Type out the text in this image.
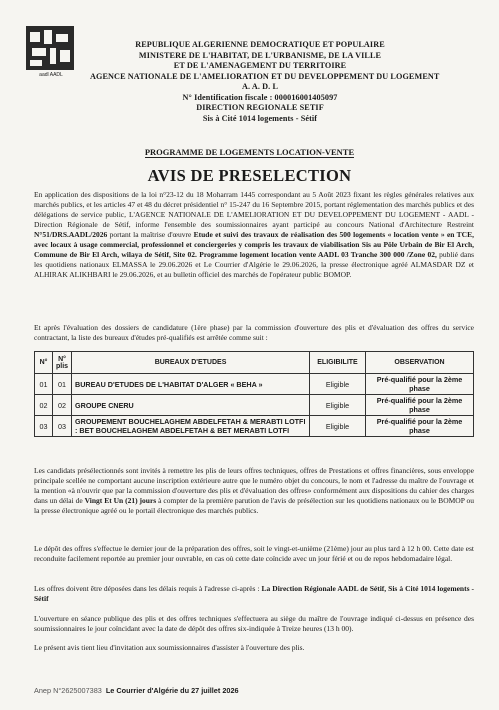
aadl AADL
REPUBLIQUE ALGERIENNE DEMOCRATIQUE ET POPULAIRE
MINISTERE DE L'HABITAT, DE L'URBANISME, DE LA VILLE
ET DE L'AMENAGEMENT DU TERRITOIRE
AGENCE NATIONALE DE L'AMELIORATION ET DU DEVELOPPEMENT DU LOGEMENT
A. A. D. L
N° Identification fiscale : 000016001405097
DIRECTION REGIONALE SETIF
Sis à Cité 1014 logements - Sétif
PROGRAMME DE LOGEMENTS LOCATION-VENTE
AVIS DE PRESELECTION
En application des dispositions de la loi n°23-12 du 18 Moharram 1445 correspondant au 5 Août 2023 fixant les règles générales relatives aux marchés publics, et les articles 47 et 48 du décret présidentiel n° 15-247 du 16 Septembre 2015, portant réglementation des marchés publics et des délégations de service public, L'AGENCE NATIONALE DE L'AMELIORATION ET DU DEVELOPPEMENT DU LOGEMENT - AADL - Direction Régionale de Sétif, informe l'ensemble des soumissionnaires ayant participé au concours National d'Architecture Restreint N°51/DRS.AADL/2026 portant la maîtrise d'œuvre Etude et suivi des travaux de réalisation des 500 logements « location vente » en TCE, avec locaux à usage commercial, professionnel et conciergeries y compris les travaux de viabilisation Sis au Pôle Urbain de Bir El Arch, Commune de Bir El Arch, wilaya de Sétif, Site 02. Programme logement location vente AADL 03 Tranche 300 000 /Zone 02, publié dans les quotidiens nationaux ELMASSA le 29.06.2026 et Le Courrier d'Algérie le 29.06.2026, la presse électronique agréé ALMASDAR DZ et ALHIRAK ALIKHBARI le 29.06.2026, et au bulletin officiel des marchés de l'opérateur public BOMOP.
Et après l'évaluation des dossiers de candidature (1ère phase) par la commission d'ouverture des plis et d'évaluation des offres du service contractant, la liste des bureaux d'études pré-qualifiés est arrêtée comme suit :
N°	N° plis	BUREAUX D'ETUDES	ELIGIBILITE	OBSERVATION
01	01	BUREAU D'ETUDES DE L'HABITAT D'ALGER « BEHA »	Eligible	Pré-qualifié pour la 2ème phase
02	02	GROUPE CNERU	Eligible	Pré-qualifié pour la 2ème phase
03	03	GROUPEMENT BOUCHELAGHEM ABDELFETAH & MERABTI LOTFI : BET BOUCHELAGHEM ABDELFETAH & BET MERABTI LOTFI	Eligible	Pré-qualifié pour la 2ème phase
Les candidats présélectionnés sont invités à remettre les plis de leurs offres techniques, offres de Prestations et offres financières, sous enveloppe principale scellée ne comportant aucune inscription extérieure autre que le numéro objet du concours, le nom et l'adresse du maître de l'ouvrage et la mention «à n'ouvrir que par la commission d'ouverture des plis et d'évaluation des offres» conformément aux dispositions du cahier des charges dans un délai de Vingt Et Un (21) jours à compter de la première parution de l'avis de présélection sur les quotidiens nationaux ou le BOMOP ou la presse électronique agréé ou le portail électronique des marchés publics.
Le dépôt des offres s'effectue le dernier jour de la préparation des offres, soit le vingt-et-unième (21ème) jour au plus tard à 12 h 00. Cette date est reconduite facilement reportée au premier jour ouvrable, en cas où cette date coïncide avec un jour férié et ou de repos hebdomadaire légal.
Les offres doivent être déposées dans les délais requis à l'adresse ci-après : La Direction Régionale AADL de Sétif, Sis à Cité 1014 logements - Sétif
L'ouverture en séance publique des plis et des offres techniques s'effectuera au siège du maître de l'ouvrage indiqué ci-dessus en présence des soumissionnaires le jour coïncidant avec la date de dépôt des offres six-indiquée à Treize heures (13 h 00).
Le présent avis tient lieu d'invitation aux soumissionnaires d'assister à l'ouverture des plis.
Anep N°2625007383 Le Courrier d'Algérie du 27 juillet 2026
